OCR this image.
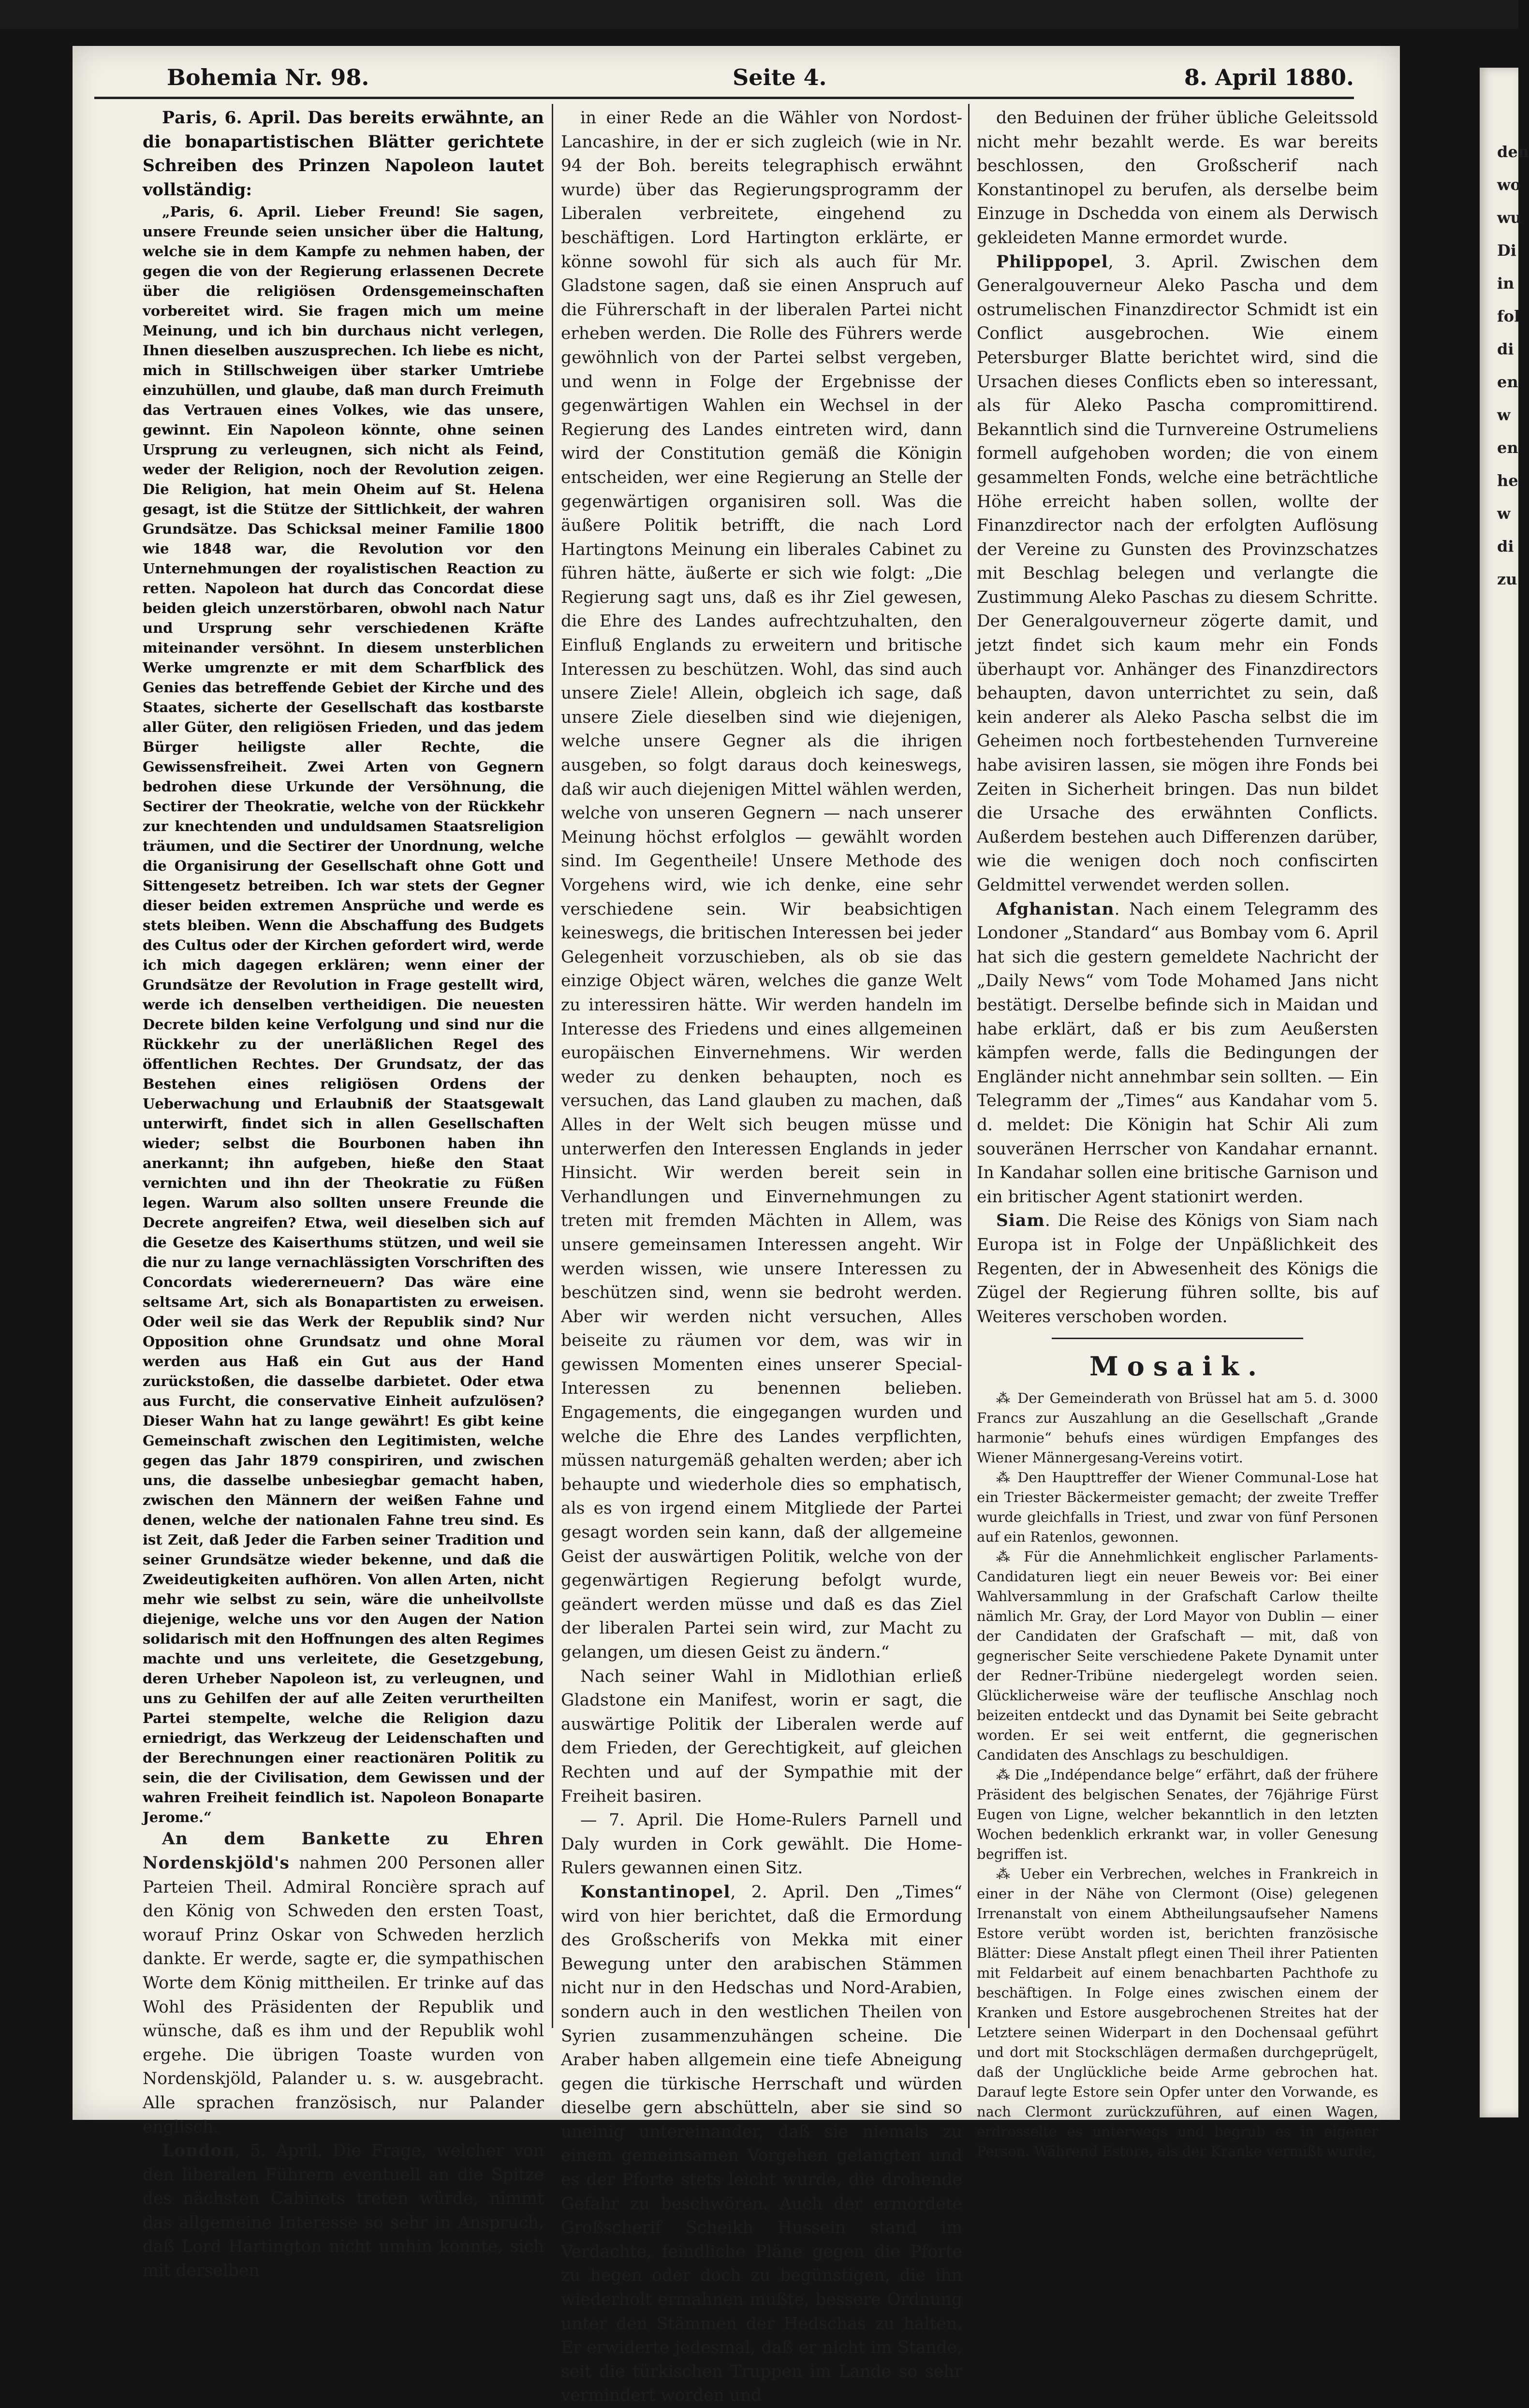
den
wo
wu
Di
in
fol
di
en
w
en
he
w
di
zu
Bohemia Nr. 98.	Seite 4.	8. April 1880.

Paris, 6. April. Das bereits erwähnte, an die bonapartistischen Blätter gerichtete Schreiben des Prinzen Napoleon lautet vollständig:

„Paris, 6. April. Lieber Freund! Sie sagen, unsere Freunde seien unsicher über die Haltung, welche sie in dem Kampfe zu nehmen haben, der gegen die von der Regierung erlassenen Decrete über die religiösen Ordensgemeinschaften vorbereitet wird. Sie fragen mich um meine Meinung, und ich bin durchaus nicht verlegen, Ihnen dieselben auszusprechen. Ich liebe es nicht, mich in Stillschweigen über starker Umtriebe einzuhüllen, und glaube, daß man durch Freimuth das Vertrauen eines Volkes, wie das unsere, gewinnt. Ein Napoleon könnte, ohne seinen Ursprung zu verleugnen, sich nicht als Feind, weder der Religion, noch der Revolution zeigen. Die Religion, hat mein Oheim auf St. Helena gesagt, ist die Stütze der Sittlichkeit, der wahren Grundsätze. Das Schicksal meiner Familie 1800 wie 1848 war, die Revolution vor den Unternehmungen der royalistischen Reaction zu retten. Napoleon hat durch das Concordat diese beiden gleich unzerstörbaren, obwohl nach Natur und Ursprung sehr verschiedenen Kräfte miteinander versöhnt. In diesem unsterblichen Werke umgrenzte er mit dem Scharfblick des Genies das betreffende Gebiet der Kirche und des Staates, sicherte der Gesellschaft das kostbarste aller Güter, den religiösen Frieden, und das jedem Bürger heiligste aller Rechte, die Gewissensfreiheit. Zwei Arten von Gegnern bedrohen diese Urkunde der Versöhnung, die Sectirer der Theokratie, welche von der Rückkehr zur knechtenden und unduldsamen Staatsreligion träumen, und die Sectirer der Unordnung, welche die Organisirung der Gesellschaft ohne Gott und Sittengesetz betreiben. Ich war stets der Gegner dieser beiden extremen Ansprüche und werde es stets bleiben. Wenn die Abschaffung des Budgets des Cultus oder der Kirchen gefordert wird, werde ich mich dagegen erklären; wenn einer der Grundsätze der Revolution in Frage gestellt wird, werde ich denselben vertheidigen. Die neuesten Decrete bilden keine Verfolgung und sind nur die Rückkehr zu der unerläßlichen Regel des öffentlichen Rechtes. Der Grundsatz, der das Bestehen eines religiösen Ordens der Ueberwachung und Erlaubniß der Staatsgewalt unterwirft, findet sich in allen Gesellschaften wieder; selbst die Bourbonen haben ihn anerkannt; ihn aufgeben, hieße den Staat vernichten und ihn der Theokratie zu Füßen legen. Warum also sollten unsere Freunde die Decrete angreifen? Etwa, weil dieselben sich auf die Gesetze des Kaiserthums stützen, und weil sie die nur zu lange vernachlässigten Vorschriften des Concordats wiedererneuern? Das wäre eine seltsame Art, sich als Bonapartisten zu erweisen. Oder weil sie das Werk der Republik sind? Nur Opposition ohne Grundsatz und ohne Moral werden aus Haß ein Gut aus der Hand zurückstoßen, die dasselbe darbietet. Oder etwa aus Furcht, die conservative Einheit aufzulösen? Dieser Wahn hat zu lange gewährt! Es gibt keine Gemeinschaft zwischen den Legitimisten, welche gegen das Jahr 1879 conspiriren, und zwischen uns, die dasselbe unbesiegbar gemacht haben, zwischen den Männern der weißen Fahne und denen, welche der nationalen Fahne treu sind. Es ist Zeit, daß Jeder die Farben seiner Tradition und seiner Grundsätze wieder bekenne, und daß die Zweideutigkeiten aufhören. Von allen Arten, nicht mehr wie selbst zu sein, wäre die unheilvollste diejenige, welche uns vor den Augen der Nation solidarisch mit den Hoffnungen des alten Regimes machte und uns verleitete, die Gesetzgebung, deren Urheber Napoleon ist, zu verleugnen, und uns zu Gehilfen der auf alle Zeiten verurtheilten Partei stempelte, welche die Religion dazu erniedrigt, das Werkzeug der Leidenschaften und der Berechnungen einer reactionären Politik zu sein, die der Civilisation, dem Gewissen und der wahren Freiheit feindlich ist. Napoleon Bonaparte Jerome.“

An dem Bankette zu Ehren Nordenskjöld's nahmen 200 Personen aller Parteien Theil. Admiral Roncière sprach auf den König von Schweden den ersten Toast, worauf Prinz Oskar von Schweden herzlich dankte. Er werde, sagte er, die sympathischen Worte dem König mittheilen. Er trinke auf das Wohl des Präsidenten der Republik und wünsche, daß es ihm und der Republik wohl ergehe. Die übrigen Toaste wurden von Nordenskjöld, Palander u. s. w. ausgebracht. Alle sprachen französisch, nur Palander englisch.

London, 5. April. Die Frage, welcher von den liberalen Führern eventuell an die Spitze des nächsten Cabinets treten würde, nimmt das allgemeine Interesse so sehr in Anspruch, daß Lord Hartington nicht umhin konnte, sich mit derselben

in einer Rede an die Wähler von Nordost-Lancashire, in der er sich zugleich (wie in Nr. 94 der Boh. bereits telegraphisch erwähnt wurde) über das Regierungsprogramm der Liberalen verbreitete, eingehend zu beschäftigen. Lord Hartington erklärte, er könne sowohl für sich als auch für Mr. Gladstone sagen, daß sie einen Anspruch auf die Führerschaft in der liberalen Partei nicht erheben werden. Die Rolle des Führers werde gewöhnlich von der Partei selbst vergeben, und wenn in Folge der Ergebnisse der gegenwärtigen Wahlen ein Wechsel in der Regierung des Landes eintreten wird, dann wird der Constitution gemäß die Königin entscheiden, wer eine Regierung an Stelle der gegenwärtigen organisiren soll. Was die äußere Politik betrifft, die nach Lord Hartingtons Meinung ein liberales Cabinet zu führen hätte, äußerte er sich wie folgt: „Die Regierung sagt uns, daß es ihr Ziel gewesen, die Ehre des Landes aufrechtzuhalten, den Einfluß Englands zu erweitern und britische Interessen zu beschützen. Wohl, das sind auch unsere Ziele! Allein, obgleich ich sage, daß unsere Ziele dieselben sind wie diejenigen, welche unsere Gegner als die ihrigen ausgeben, so folgt daraus doch keineswegs, daß wir auch diejenigen Mittel wählen werden, welche von unseren Gegnern — nach unserer Meinung höchst erfolglos — gewählt worden sind. Im Gegentheile! Unsere Methode des Vorgehens wird, wie ich denke, eine sehr verschiedene sein. Wir beabsichtigen keineswegs, die britischen Interessen bei jeder Gelegenheit vorzuschieben, als ob sie das einzige Object wären, welches die ganze Welt zu interessiren hätte. Wir werden handeln im Interesse des Friedens und eines allgemeinen europäischen Einvernehmens. Wir werden weder zu denken behaupten, noch es versuchen, das Land glauben zu machen, daß Alles in der Welt sich beugen müsse und unterwerfen den Interessen Englands in jeder Hinsicht. Wir werden bereit sein in Verhandlungen und Einvernehmungen zu treten mit fremden Mächten in Allem, was unsere gemeinsamen Interessen angeht. Wir werden wissen, wie unsere Interessen zu beschützen sind, wenn sie bedroht werden. Aber wir werden nicht versuchen, Alles beiseite zu räumen vor dem, was wir in gewissen Momenten eines unserer Special-Interessen zu benennen belieben. Engagements, die eingegangen wurden und welche die Ehre des Landes verpflichten, müssen naturgemäß gehalten werden; aber ich behaupte und wiederhole dies so emphatisch, als es von irgend einem Mitgliede der Partei gesagt worden sein kann, daß der allgemeine Geist der auswärtigen Politik, welche von der gegenwärtigen Regierung befolgt wurde, geändert werden müsse und daß es das Ziel der liberalen Partei sein wird, zur Macht zu gelangen, um diesen Geist zu ändern.“

Nach seiner Wahl in Midlothian erließ Gladstone ein Manifest, worin er sagt, die auswärtige Politik der Liberalen werde auf dem Frieden, der Gerechtigkeit, auf gleichen Rechten und auf der Sympathie mit der Freiheit basiren.

— 7. April. Die Home-Rulers Parnell und Daly wurden in Cork gewählt. Die Home-Rulers gewannen einen Sitz.

Konstantinopel, 2. April. Den „Times“ wird von hier berichtet, daß die Ermordung des Großscherifs von Mekka mit einer Bewegung unter den arabischen Stämmen nicht nur in den Hedschas und Nord-Arabien, sondern auch in den westlichen Theilen von Syrien zusammenzuhängen scheine. Die Araber haben allgemein eine tiefe Abneigung gegen die türkische Herrschaft und würden dieselbe gern abschütteln, aber sie sind so uneinig untereinander, daß sie niemals zu einem gemeinsamen Vorgehen gelangten und es der Pforte stets leicht wurde, die drohende Gefahr zu beschwören. Auch der ermordete Großscherif Scheikh Hussein stand im Verdachte, feindliche Pläne gegen die Pforte zu hegen oder doch zu begünstigen, die ihn wiederholt ermahnen mußte, bessere Ordnung unter den Stämmen der Hedschas zu halten. Er erwiderte jedesmal, daß er nicht im Stande, seit die türkischen Truppen im Lande so sehr vermindert worden und

den Beduinen der früher übliche Geleitssold nicht mehr bezahlt werde. Es war bereits beschlossen, den Großscherif nach Konstantinopel zu berufen, als derselbe beim Einzuge in Dschedda von einem als Derwisch gekleideten Manne ermordet wurde.

Philippopel, 3. April. Zwischen dem Generalgouverneur Aleko Pascha und dem ostrumelischen Finanzdirector Schmidt ist ein Conflict ausgebrochen. Wie einem Petersburger Blatte berichtet wird, sind die Ursachen dieses Conflicts eben so interessant, als für Aleko Pascha compromittirend. Bekanntlich sind die Turnvereine Ostrumeliens formell aufgehoben worden; die von einem gesammelten Fonds, welche eine beträchtliche Höhe erreicht haben sollen, wollte der Finanzdirector nach der erfolgten Auflösung der Vereine zu Gunsten des Provinzschatzes mit Beschlag belegen und verlangte die Zustimmung Aleko Paschas zu diesem Schritte. Der Generalgouverneur zögerte damit, und jetzt findet sich kaum mehr ein Fonds überhaupt vor. Anhänger des Finanzdirectors behaupten, davon unterrichtet zu sein, daß kein anderer als Aleko Pascha selbst die im Geheimen noch fortbestehenden Turnvereine habe avisiren lassen, sie mögen ihre Fonds bei Zeiten in Sicherheit bringen. Das nun bildet die Ursache des erwähnten Conflicts. Außerdem bestehen auch Differenzen darüber, wie die wenigen doch noch confiscirten Geldmittel verwendet werden sollen.

Afghanistan. Nach einem Telegramm des Londoner „Standard“ aus Bombay vom 6. April hat sich die gestern gemeldete Nachricht der „Daily News“ vom Tode Mohamed Jans nicht bestätigt. Derselbe befinde sich in Maidan und habe erklärt, daß er bis zum Aeußersten kämpfen werde, falls die Bedingungen der Engländer nicht annehmbar sein sollten. — Ein Telegramm der „Times“ aus Kandahar vom 5. d. meldet: Die Königin hat Schir Ali zum souveränen Herrscher von Kandahar ernannt. In Kandahar sollen eine britische Garnison und ein britischer Agent stationirt werden.

Siam. Die Reise des Königs von Siam nach Europa ist in Folge der Unpäßlichkeit des Regenten, der in Abwesenheit des Königs die Zügel der Regierung führen sollte, bis auf Weiteres verschoben worden.

Mosaik.

⁂ Der Gemeinderath von Brüssel hat am 5. d. 3000 Francs zur Auszahlung an die Gesellschaft „Grande harmonie“ behufs eines würdigen Empfanges des Wiener Männergesang-Vereins votirt.

⁂ Den Haupttreffer der Wiener Communal-Lose hat ein Triester Bäckermeister gemacht; der zweite Treffer wurde gleichfalls in Triest, und zwar von fünf Personen auf ein Ratenlos, gewonnen.

⁂ Für die Annehmlichkeit englischer Parlaments-Candidaturen liegt ein neuer Beweis vor: Bei einer Wahlversammlung in der Grafschaft Carlow theilte nämlich Mr. Gray, der Lord Mayor von Dublin — einer der Candidaten der Grafschaft — mit, daß von gegnerischer Seite verschiedene Pakete Dynamit unter der Redner-Tribüne niedergelegt worden seien. Glücklicherweise wäre der teuflische Anschlag noch beizeiten entdeckt und das Dynamit bei Seite gebracht worden. Er sei weit entfernt, die gegnerischen Candidaten des Anschlags zu beschuldigen.

⁂ Die „Indépendance belge“ erfährt, daß der frühere Präsident des belgischen Senates, der 76jährige Fürst Eugen von Ligne, welcher bekanntlich in den letzten Wochen bedenklich erkrankt war, in voller Genesung begriffen ist.

⁂ Ueber ein Verbrechen, welches in Frankreich in einer in der Nähe von Clermont (Oise) gelegenen Irrenanstalt von einem Abtheilungsaufseher Namens Estore verübt worden ist, berichten französische Blätter: Diese Anstalt pflegt einen Theil ihrer Patienten mit Feldarbeit auf einem benachbarten Pachthofe zu beschäftigen. In Folge eines zwischen einem der Kranken und Estore ausgebrochenen Streites hat der Letztere seinen Widerpart in den Dochensaal geführt und dort mit Stockschlägen dermaßen durchgeprügelt, daß der Unglückliche beide Arme gebrochen hat. Darauf legte Estore sein Opfer unter den Vorwande, es nach Clermont zurückzuführen, auf einen Wagen, erdrosselte es unterwegs und begrub es in eigener Person. Während Estore, als der Kranke vermißt wurde,
